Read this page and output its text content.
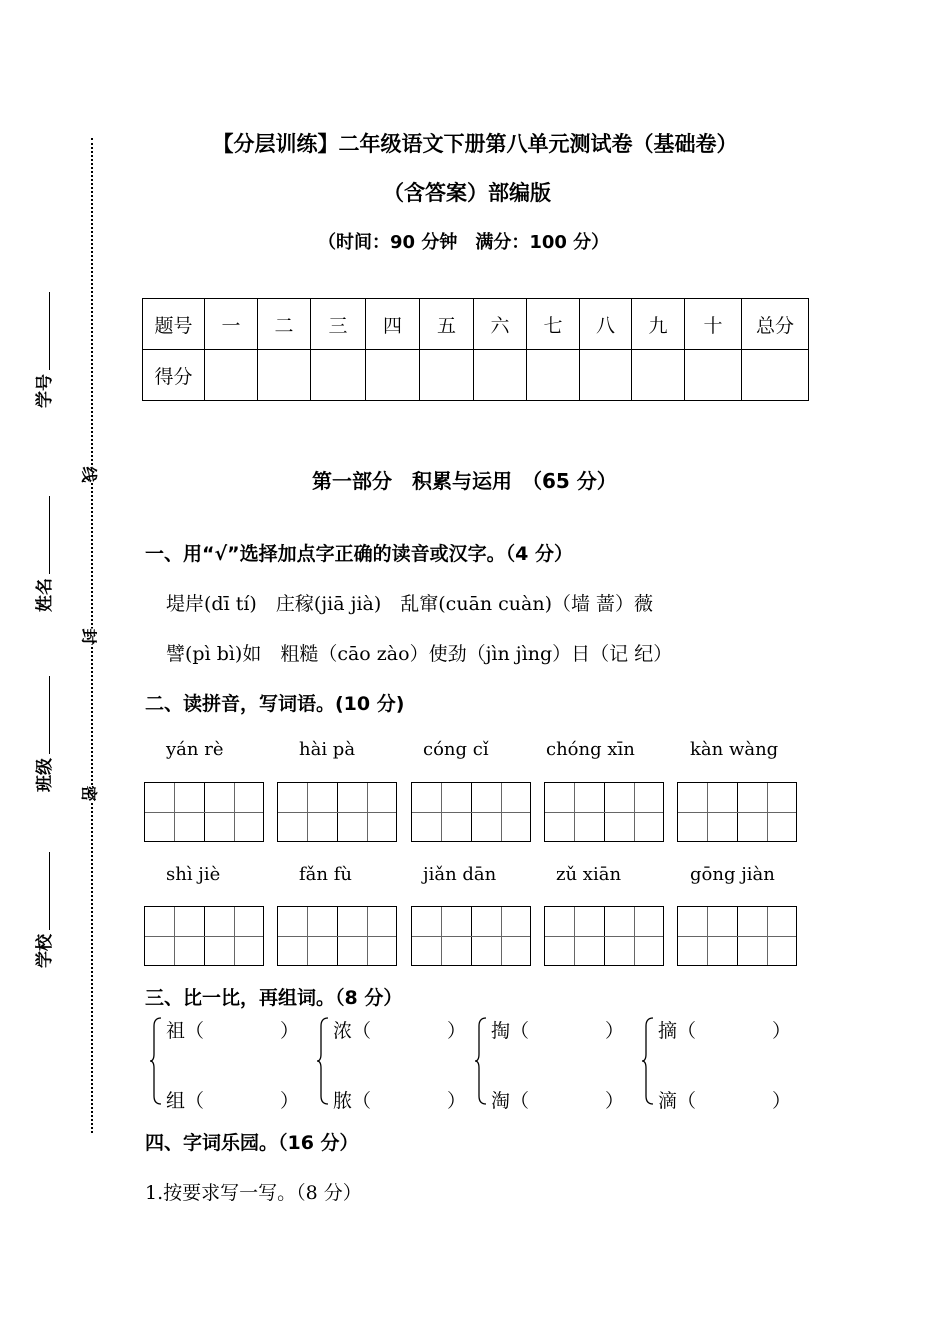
线
封
密
学号
姓名
班级
学校
【分层训练】二年级语文下册第八单元测试卷（基础卷）
（含答案）部编版
（时间：90 分钟　满分：100 分）
题号	一	二	三	四	五	六	七	八	九	十	总分
得分											
第一部分　积累与运用　（65 分）
一、用“√”选择加点字正确的读音或汉字。（4 分）
堤岸(dī tí)　庄稼(jiā jià)　乱窜(cuān cuàn)（墙 蔷）薇
譬(pì bì)如　粗糙（cāo zào）使劲（jìn jìng）日（记 纪）
二、读拼音，写词语。(10 分)
yán rè	hài pà	cóng cǐ	chóng xīn	kàn wàng
shì jiè	fǎn fù	jiǎn dān	zǔ xiān	gōng jiàn
三、比一比，再组词。（8 分）
祖（　　　　）
组（　　　　）
浓（　　　　）
脓（　　　　）
掏（　　　　）
淘（　　　　）
摘（　　　　）
滴（　　　　）
四、字词乐园。（16 分）
1.按要求写一写。（8 分）
